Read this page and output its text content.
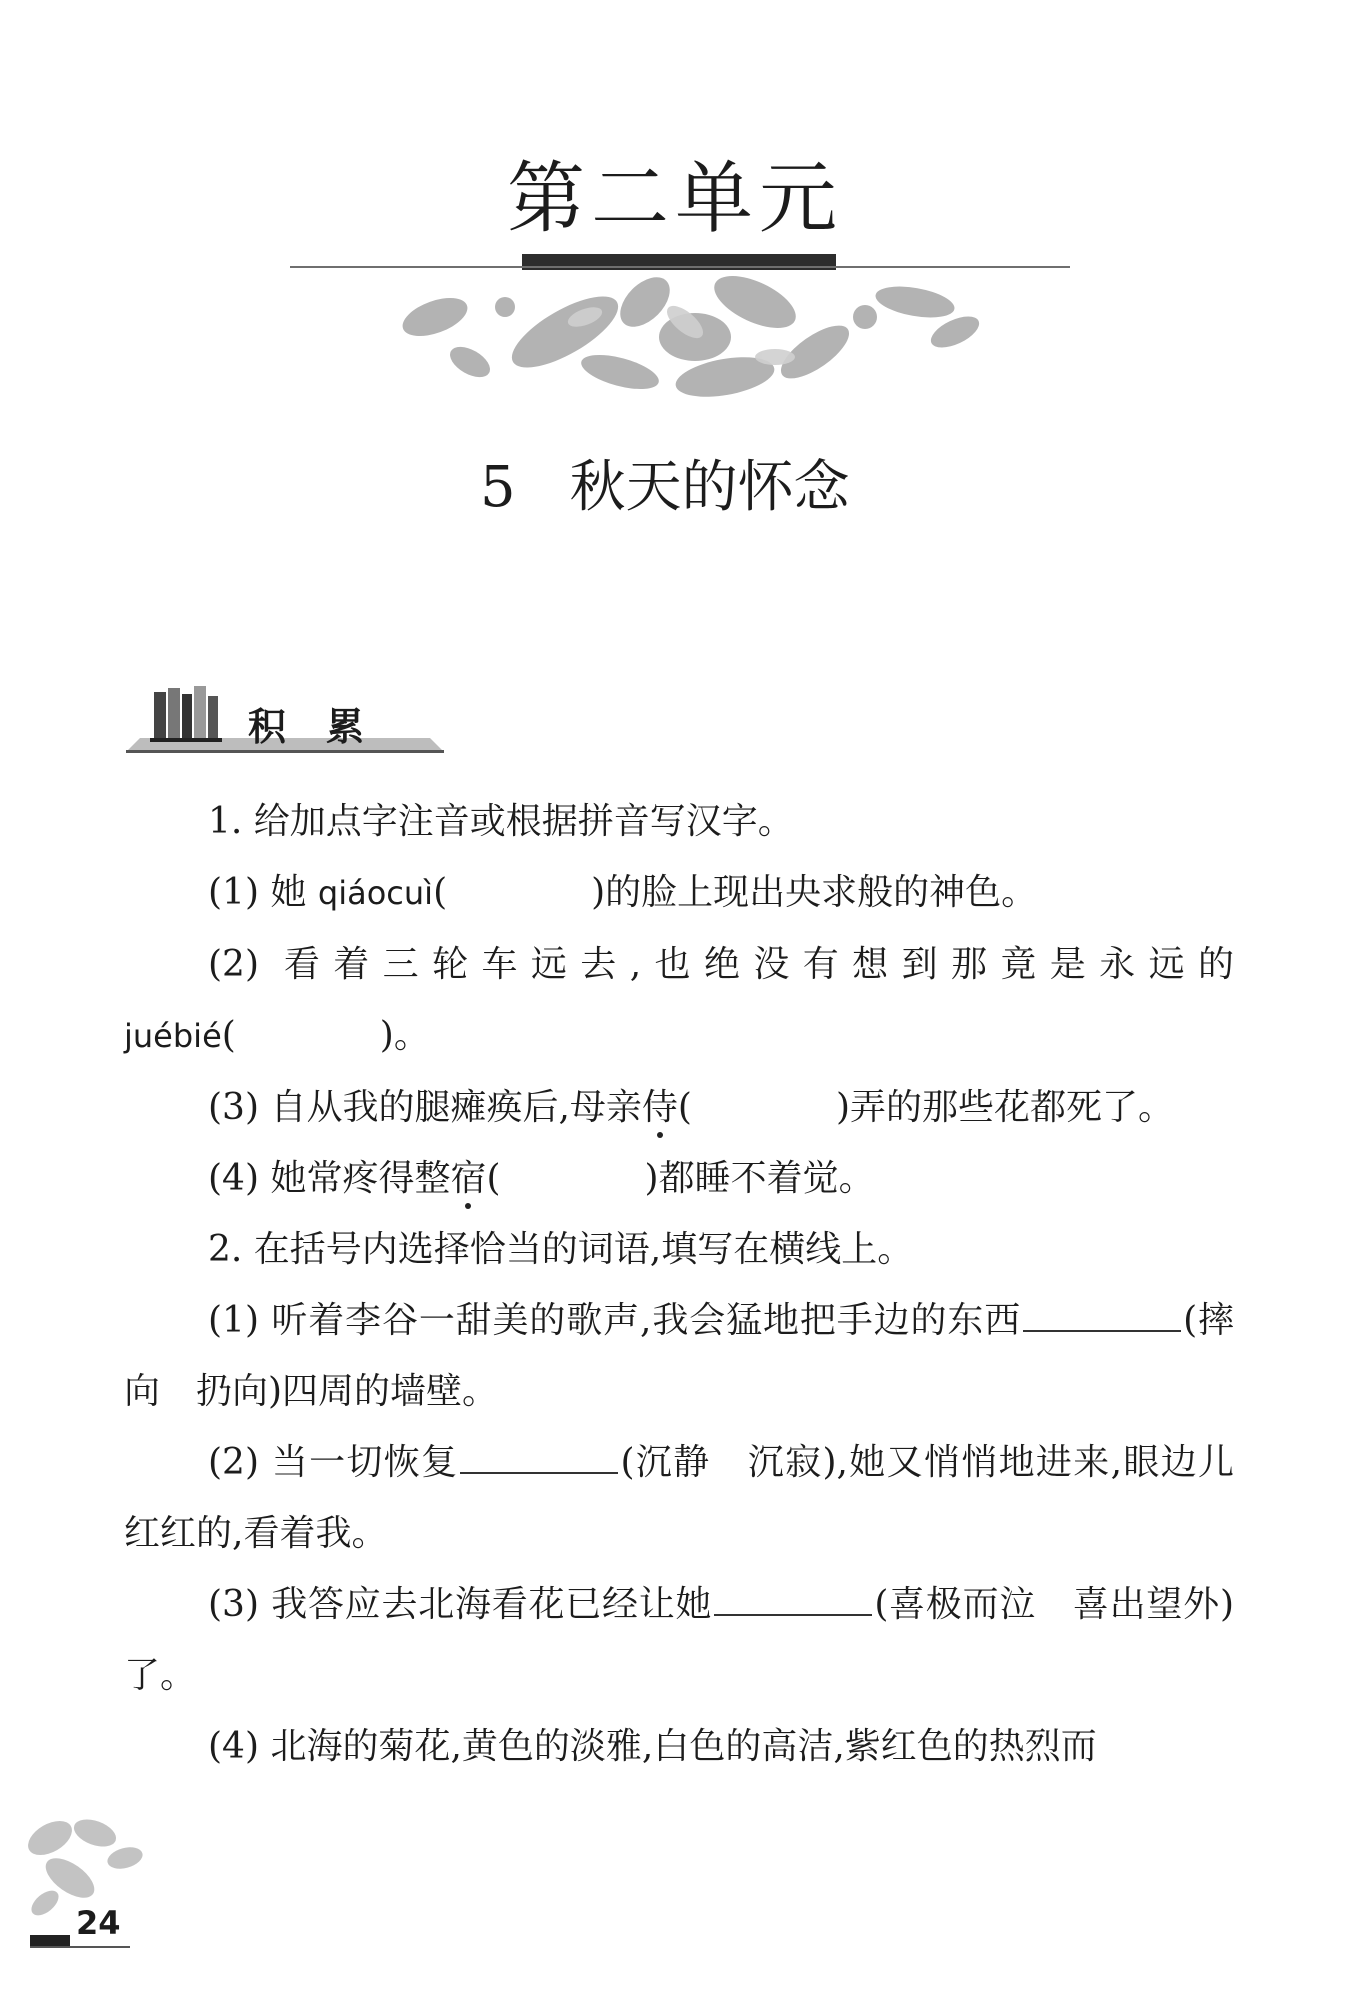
第二单元
5 秋天的怀念
积累

1. 给加点字注音或根据拼音写汉字。

(1) 她 qiáocuì(　　　　)的脸上现出央求般的神色。

(2) 看着三轮车远去,也绝没有想到那竟是永远的 juébié(　　　　)。

(3) 自从我的腿瘫痪后,母亲侍(　　　　)弄的那些花都死了。

(4) 她常疼得整宿(　　　　)都睡不着觉。

2. 在括号内选择恰当的词语,填写在横线上。

(1) 听着李谷一甜美的歌声,我会猛地把手边的东西	(摔向　扔向)四周的墙壁。

(2) 当一切恢复	(沉静　沉寂),她又悄悄地进来,眼边儿红红的,看着我。

(3) 我答应去北海看花已经让她	(喜极而泣　喜出望外)了。

(4) 北海的菊花,黄色的淡雅,白色的高洁,紫红色的热烈而

24
